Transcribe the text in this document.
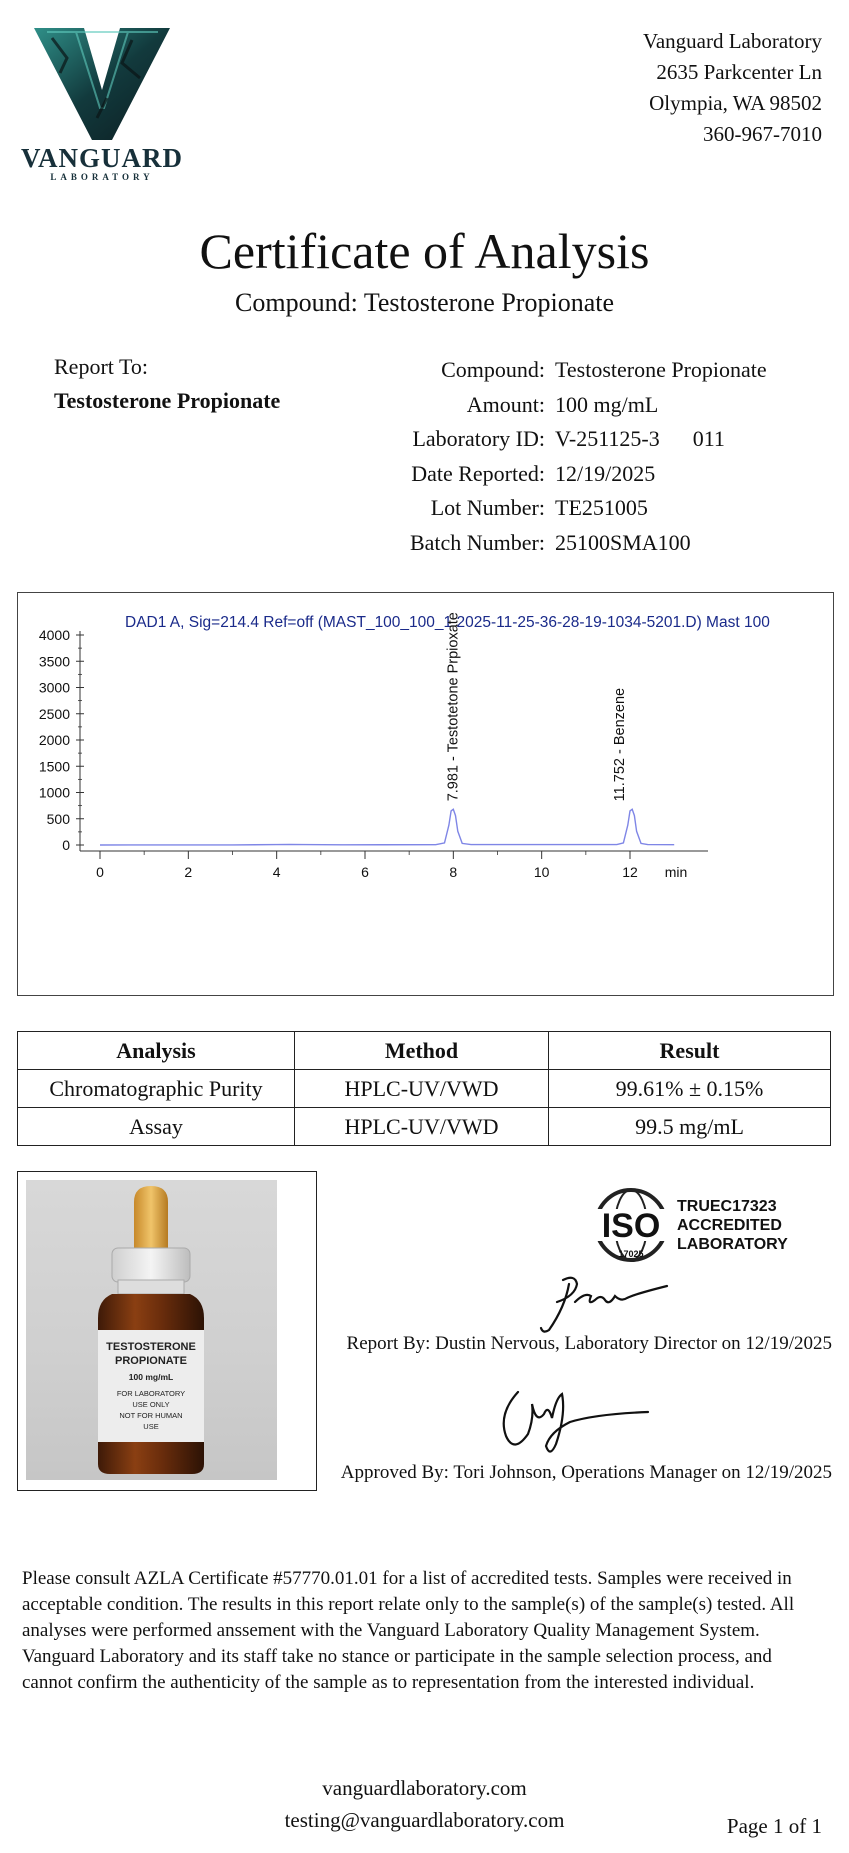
VANGUARD
LABORATORY
Vanguard Laboratory
2635 Parkcenter Ln
Olympia, WA 98502
360-967-7010
Certificate of Analysis
Compound: Testosterone Propionate
Report To:
Testosterone Propionate
Compound: Testosterone Propionate
Amount: 100 mg/mL
Laboratory ID: V-251125-3      011
Date Reported: 12/19/2025
Lot Number: TE251005
Batch Number: 25100SMA100
DAD1 A, Sig=214.4 Ref=off (MAST_100_100_1 2025-11-25-36-28-19-1034-5201.D) Mast 100
0
500
1000
1500
2000
2500
3000
3500
4000
0	2	4	6	8	10	12 min
7.981 - Testotetone Prpioxate	11.752 - Benzene
Analysis	Method	Result
Chromatographic Purity	HPLC-UV/VWD	99.61% ± 0.15%
Assay	HPLC-UV/VWD	99.5 mg/mL
TESTOSTERONE
PROPIONATE
100 mg/mL
FOR LABORATORY
USE ONLY
NOT FOR HUMAN
USE
ISO
17025
TRUEC17323
ACCREDITED
LABORATORY
Report By: Dustin Nervous, Laboratory Director on 12/19/2025
Approved By: Tori Johnson, Operations Manager on 12/19/2025
Please consult AZLA Certificate #57770.01.01 for a list of accredited tests. Samples were received in acceptable condition. The results in this report relate only to the sample(s) of the sample(s) tested. All analyses were performed anssement with the Vanguard Laboratory Quality Management System. Vanguard Laboratory and its staff take no stance or participate in the sample selection process, and cannot confirm the authenticity of the sample as to representation from the interested individual.
vanguardlaboratory.com
testing@vanguardlaboratory.com	Page 1 of 1
